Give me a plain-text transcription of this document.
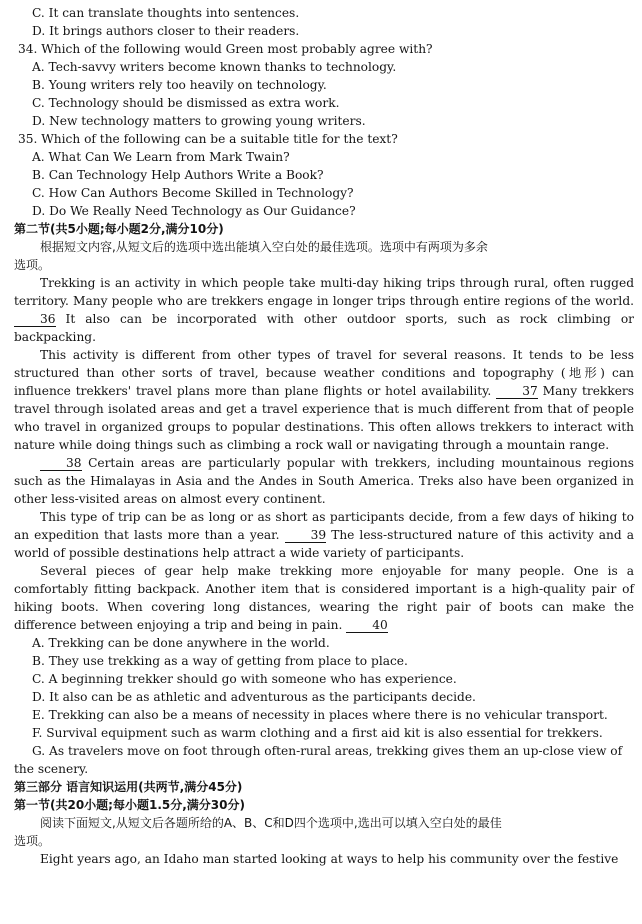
C. It can translate thoughts into sentences.
D. It brings authors closer to their readers.
34. Which of the following would Green most probably agree with?
A. Tech-savvy writers become known thanks to technology.
B. Young writers rely too heavily on technology.
C. Technology should be dismissed as extra work.
D. New technology matters to growing young writers.
35. Which of the following can be a suitable title for the text?
A. What Can We Learn from Mark Twain?
B. Can Technology Help Authors Write a Book?
C. How Can Authors Become Skilled in Technology?
D. Do We Really Need Technology as Our Guidance?
第二节(共5小题;每小题2分,满分10分)
根据短文内容,从短文后的选项中选出能填入空白处的最佳选项。选项中有两项为多余
选项。
Trekking is an activity in which people take multi-day hiking trips through rural, often rugged territory. Many people who are trekkers engage in longer trips through entire regions of the world. 36 It also can be incorporated with other outdoor sports, such as rock climbing or backpacking.
This activity is different from other types of travel for several reasons. It tends to be less structured than other sorts of travel, because weather conditions and topography (地形) can influence trekkers' travel plans more than plane flights or hotel availability.	37 Many trekkers travel through isolated areas and get a travel experience that is much different from that of people who travel in organized groups to popular destinations. This often allows trekkers to interact with nature while doing things such as climbing a rock wall or navigating through a mountain range.
38 Certain areas are particularly popular with trekkers, including mountainous regions such as the Himalayas in Asia and the Andes in South America. Treks also have been organized in other less-visited areas on almost every continent.
This type of trip can be as long or as short as participants decide, from a few days of hiking to an expedition that lasts more than a year.	39 The less-structured nature of this activity and a world of possible destinations help attract a wide variety of participants.
Several pieces of gear help make trekking more enjoyable for many people. One is a comfortably fitting backpack. Another item that is considered important is a high-quality pair of hiking boots. When covering long distances, wearing the right pair of boots can make the difference between enjoying a trip and being in pain. 40
A. Trekking can be done anywhere in the world.
B. They use trekking as a way of getting from place to place.
C. A beginning trekker should go with someone who has experience.
D. It also can be as athletic and adventurous as the participants decide.
E. Trekking can also be a means of necessity in places where there is no vehicular transport.
F. Survival equipment such as warm clothing and a first aid kit is also essential for trekkers.
G. As travelers move on foot through often-rural areas, trekking gives them an up-close view of
the scenery.
第三部分 语言知识运用(共两节,满分45分)
第一节(共20小题;每小题1.5分,满分30分)
阅读下面短文,从短文后各题所给的A、B、C和D四个选项中,选出可以填入空白处的最佳
选项。
Eight years ago, an Idaho man started looking at ways to help his community over the festive
